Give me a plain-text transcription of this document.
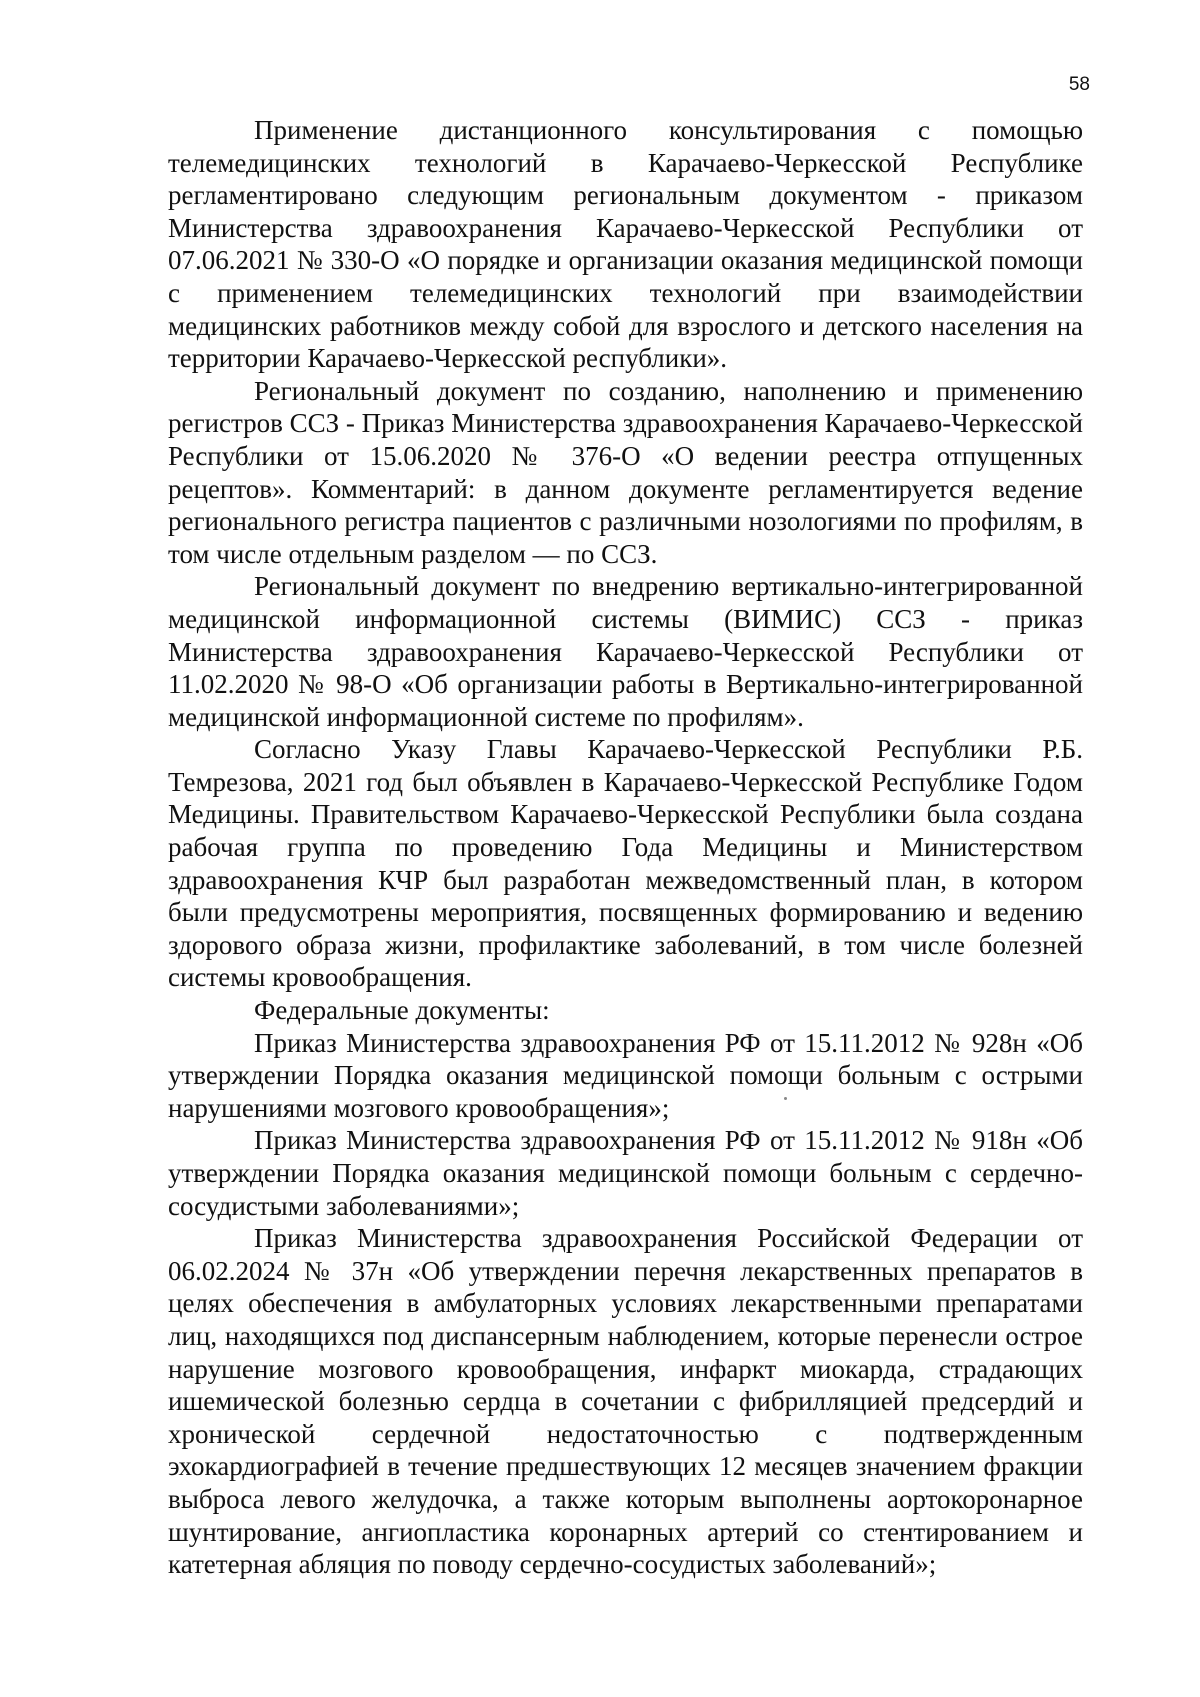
58

Применение дистанционного консультирования с помощью телемедицинских технологий в Карачаево-Черкесской Республике регламентировано следующим региональным документом - приказом Министерства здравоохранения Карачаево-Черкесской Республики от 07.06.2021 № 330-О «О порядке и организации оказания медицинской помощи с применением телемедицинских технологий при взаимодействии медицинских работников между собой для взрослого и детского населения на территории Карачаево-Черкесской республики».

Региональный документ по созданию, наполнению и применению регистров ССЗ - Приказ Министерства здравоохранения Карачаево-Черкесской Республики от 15.06.2020 № 376-О «О ведении реестра отпущенных рецептов». Комментарий: в данном документе регламентируется ведение регионального регистра пациентов с различными нозологиями по профилям, в том числе отдельным разделом — по ССЗ.

Региональный документ по внедрению вертикально-интегрированной медицинской информационной системы (ВИМИС) ССЗ - приказ Министерства здравоохранения Карачаево-Черкесской Республики от 11.02.2020 № 98-О «Об организации работы в Вертикально-интегрированной медицинской информационной системе по профилям».

Согласно Указу Главы Карачаево-Черкесской Республики Р.Б. Темрезова, 2021 год был объявлен в Карачаево-Черкесской Республике Годом Медицины. Правительством Карачаево-Черкесской Республики была создана рабочая группа по проведению Года Медицины и Министерством здравоохранения КЧР был разработан межведомственный план, в котором были предусмотрены мероприятия, посвященных формированию и ведению здорового образа жизни, профилактике заболеваний, в том числе болезней системы кровообращения.

Федеральные документы:

Приказ Министерства здравоохранения РФ от 15.11.2012 № 928н «Об утверждении Порядка оказания медицинской помощи больным с острыми нарушениями мозгового кровообращения»;

Приказ Министерства здравоохранения РФ от 15.11.2012 № 918н «Об утверждении Порядка оказания медицинской помощи больным с сердечно-сосудистыми заболеваниями»;

Приказ Министерства здравоохранения Российской Федерации от 06.02.2024 № 37н «Об утверждении перечня лекарственных препаратов в целях обеспечения в амбулаторных условиях лекарственными препаратами лиц, находящихся под диспансерным наблюдением, которые перенесли острое нарушение мозгового кровообращения, инфаркт миокарда, страдающих ишемической болезнью сердца в сочетании с фибрилляцией предсердий и хронической сердечной недостаточностью с подтвержденным эхокардиографией в течение предшествующих 12 месяцев значением фракции выброса левого желудочка, а также которым выполнены аортокоронарное шунтирование, ангиопластика коронарных артерий со стентированием и катетерная абляция по поводу сердечно-сосудистых заболеваний»;
